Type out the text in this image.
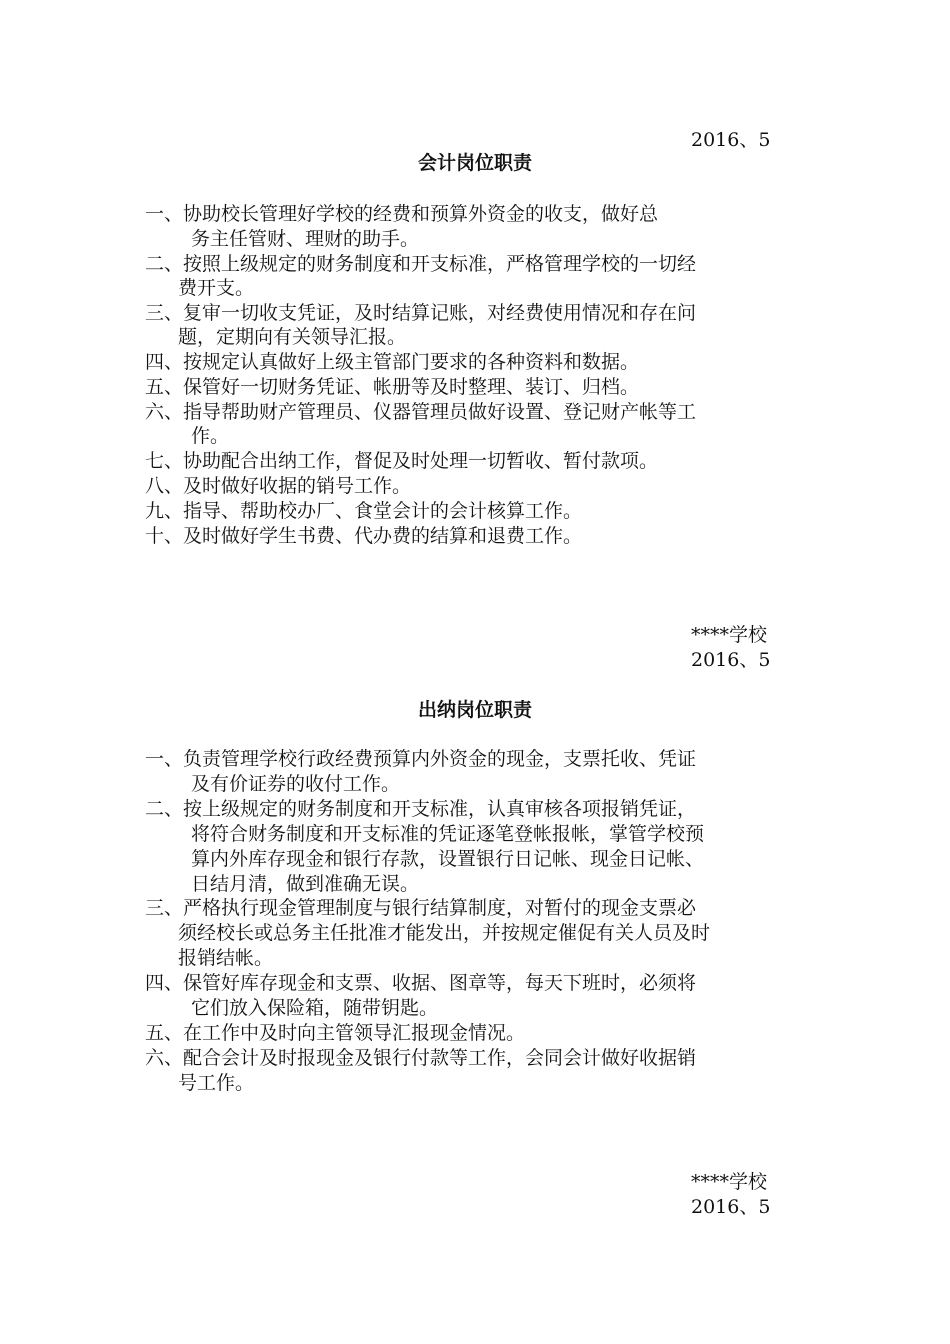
2016、5
会计岗位职责
一、协助校长管理好学校的经费和预算外资金的收支，做好总
务主任管财、理财的助手。
二、按照上级规定的财务制度和开支标准，严格管理学校的一切经
费开支。
三、复审一切收支凭证，及时结算记账，对经费使用情况和存在问
题，定期向有关领导汇报。
四、按规定认真做好上级主管部门要求的各种资料和数据。
五、保管好一切财务凭证、帐册等及时整理、装订、归档。
六、指导帮助财产管理员、仪器管理员做好设置、登记财产帐等工
作。
七、协助配合出纳工作，督促及时处理一切暂收、暂付款项。
八、及时做好收据的销号工作。
九、指导、帮助校办厂、食堂会计的会计核算工作。
十、及时做好学生书费、代办费的结算和退费工作。
****学校
2016、5
出纳岗位职责
一、负责管理学校行政经费预算内外资金的现金，支票托收、凭证
及有价证券的收付工作。
二、按上级规定的财务制度和开支标准，认真审核各项报销凭证，
将符合财务制度和开支标准的凭证逐笔登帐报帐，掌管学校预
算内外库存现金和银行存款，设置银行日记帐、现金日记帐、
日结月清，做到准确无误。
三、严格执行现金管理制度与银行结算制度，对暂付的现金支票必
须经校长或总务主任批准才能发出，并按规定催促有关人员及时
报销结帐。
四、保管好库存现金和支票、收据、图章等，每天下班时，必须将
它们放入保险箱，随带钥匙。
五、在工作中及时向主管领导汇报现金情况。
六、配合会计及时报现金及银行付款等工作，会同会计做好收据销
号工作。
****学校
2016、5
